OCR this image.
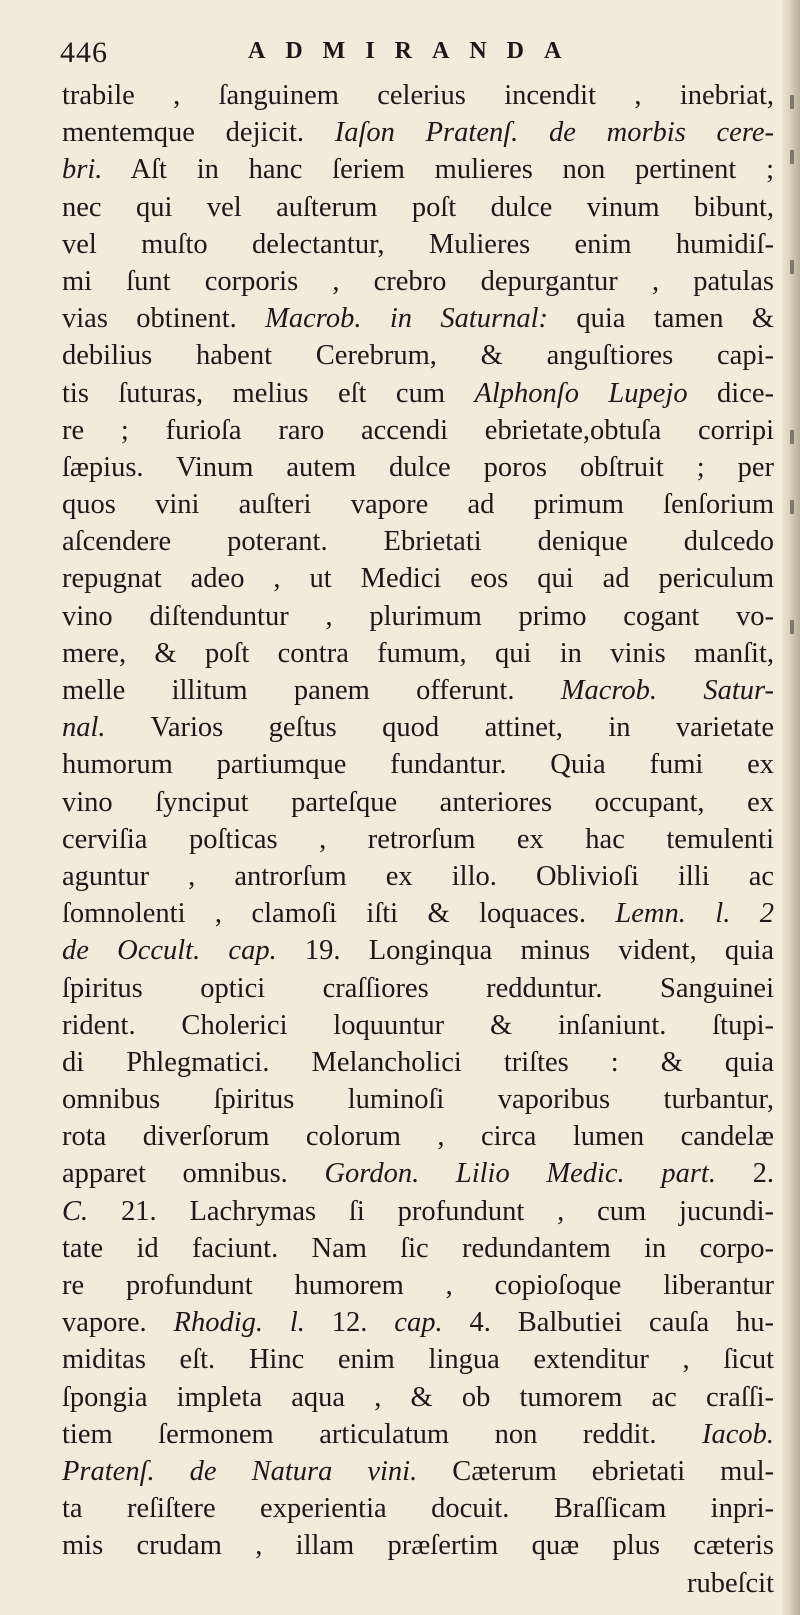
446	ADMIRANDA
trabile , ſanguinem celerius incendit , inebriat,
mentemque dejicit. Iaſon Pratenſ. de morbis cere-
bri. Aſt in hanc ſeriem mulieres non pertinent ;
nec qui vel auſterum poſt dulce vinum bibunt,
vel muſto delectantur, Mulieres enim humidiſ-
mi ſunt corporis , crebro depurgantur , patulas
vias obtinent. Macrob. in Saturnal: quia tamen &
debilius habent Cerebrum, & anguſtiores capi-
tis ſuturas, melius eſt cum Alphonſo Lupejo dice-
re ; furioſa raro accendi ebrietate,obtuſa corripi
ſæpius. Vinum autem dulce poros obſtruit ; per
quos vini auſteri vapore ad primum ſenſorium
aſcendere poterant. Ebrietati denique dulcedo
repugnat adeo , ut Medici eos qui ad periculum
vino diſtenduntur , plurimum primo cogant vo-
mere, & poſt contra fumum, qui in vinis manſit,
melle illitum panem offerunt. Macrob. Satur-
nal. Varios geſtus quod attinet, in varietate
humorum partiumque fundantur. Quia fumi ex
vino ſynciput parteſque anteriores occupant, ex
cerviſia poſticas , retrorſum ex hac temulenti
aguntur , antrorſum ex illo. Oblivioſi illi ac
ſomnolenti , clamoſi iſti & loquaces. Lemn. l. 2
de Occult. cap. 19. Longinqua minus vident, quia
ſpiritus optici craſſiores redduntur. Sanguinei
rident. Cholerici loquuntur & inſaniunt. ſtupi-
di Phlegmatici. Melancholici triſtes : & quia
omnibus ſpiritus luminoſi vaporibus turbantur,
rota diverſorum colorum , circa lumen candelæ
apparet omnibus. Gordon. Lilio Medic. part. 2.
C. 21. Lachrymas ſi profundunt , cum jucundi-
tate id faciunt. Nam ſic redundantem in corpo-
re profundunt humorem , copioſoque liberantur
vapore. Rhodig. l. 12. cap. 4. Balbutiei cauſa hu-
miditas eſt. Hinc enim lingua extenditur , ſicut
ſpongia impleta aqua , & ob tumorem ac craſſi-
tiem ſermonem articulatum non reddit. Iacob.
Pratenſ. de Natura vini. Cæterum ebrietati mul-
ta reſiſtere experientia docuit. Braſſicam inpri-
mis crudam , illam præſertim quæ plus cæteris
rubeſcit
